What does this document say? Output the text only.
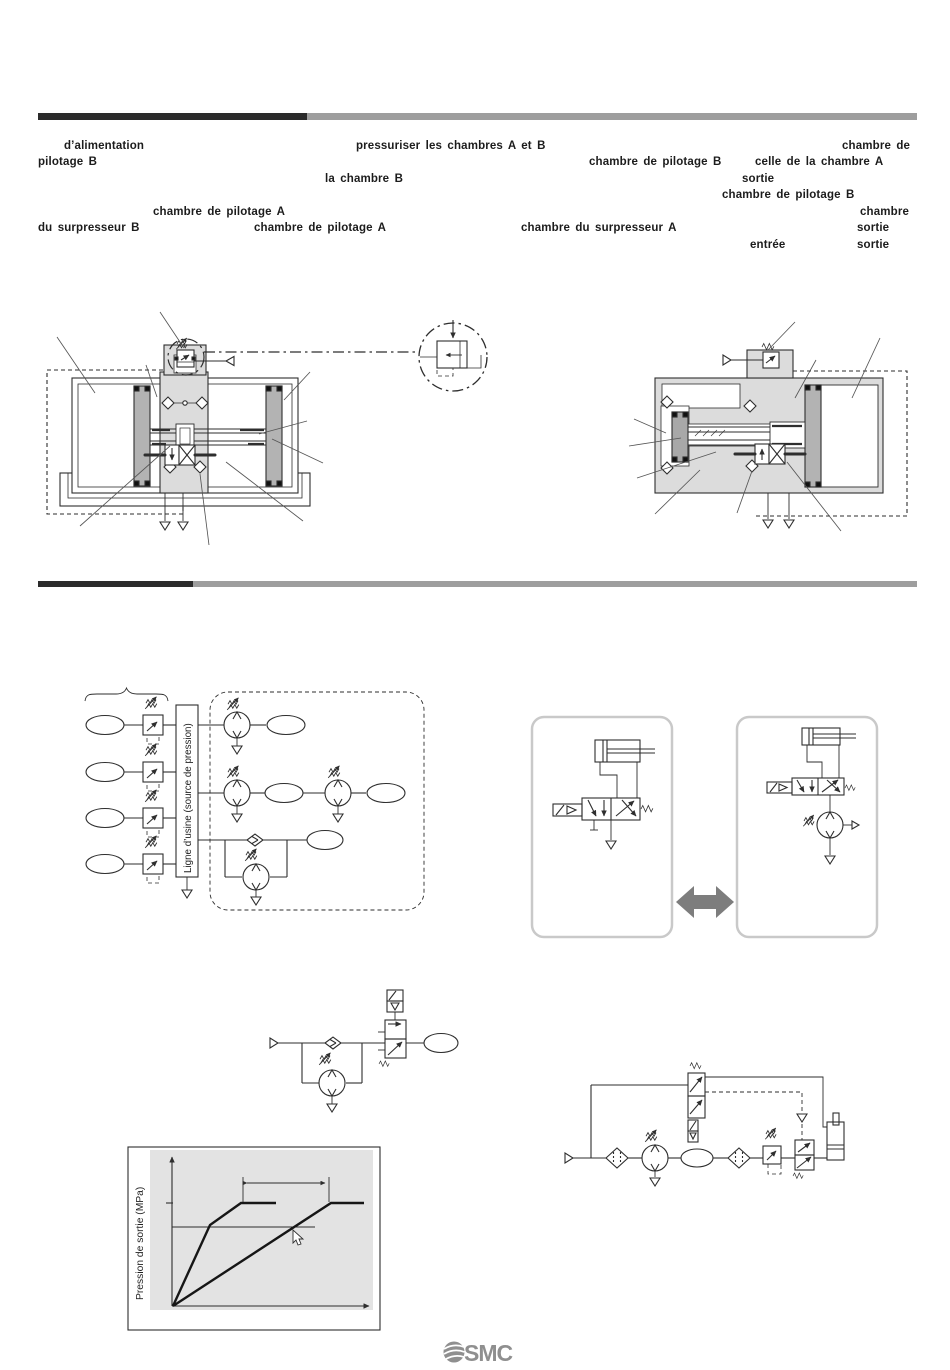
d’alimentation	pressuriser les chambres A et B	chambre de
pilotage B	chambre de pilotage B	celle de la chambre A
la chambre B	sortie
chambre de pilotage B
chambre de pilotage A	chambre
du surpresseur B	chambre de pilotage A	chambre du surpresseur A	sortie
entrée	sortie
Ligne d’usine (source de pression)
Pression de sortie (MPa)
SMC
